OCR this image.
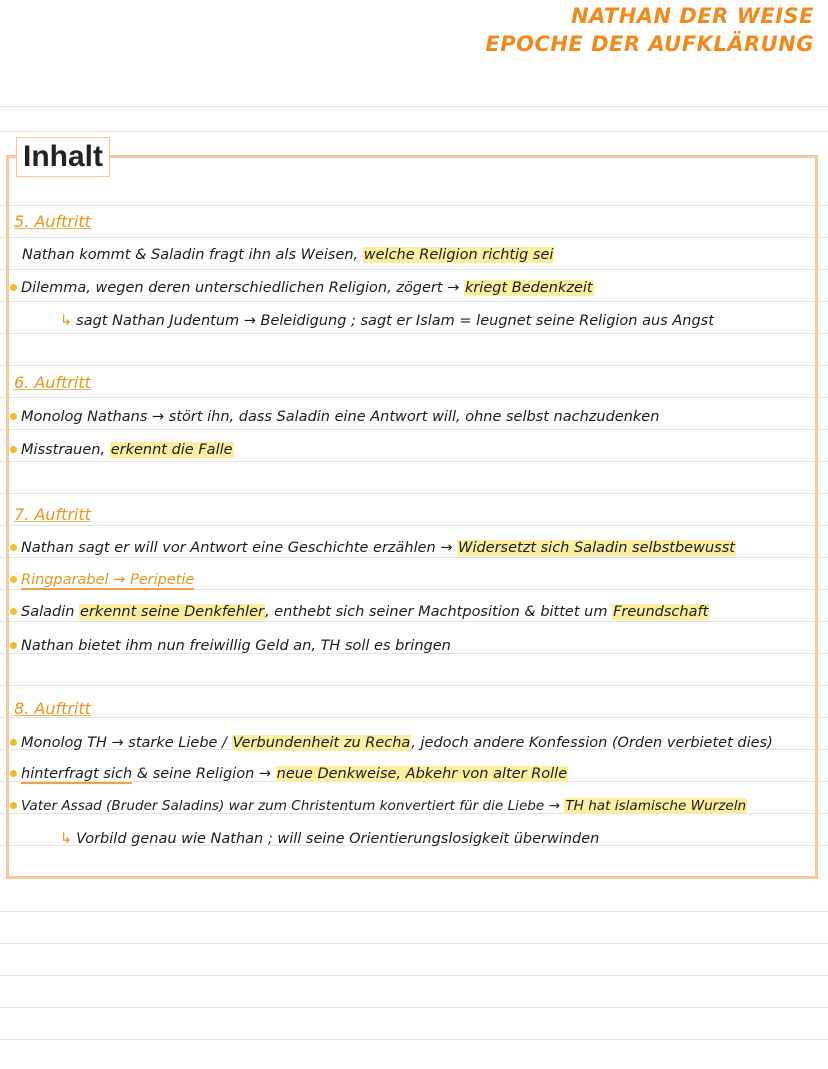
NATHAN DER WEISE
EPOCHE DER AUFKLÄRUNG
Inhalt
5. Auftritt
Nathan kommt & Saladin fragt ihn als Weisen, welche Religion richtig sei
Dilemma, wegen deren unterschiedlichen Religion, zögert → kriegt Bedenkzeit
↳ sagt Nathan Judentum → Beleidigung ; sagt er Islam = leugnet seine Religion aus Angst
6. Auftritt
Monolog Nathans → stört ihn, dass Saladin eine Antwort will, ohne selbst nachzudenken
Misstrauen, erkennt die Falle
7. Auftritt
Nathan sagt er will vor Antwort eine Geschichte erzählen → Widersetzt sich Saladin selbstbewusst
Ringparabel → Peripetie
Saladin erkennt seine Denkfehler, enthebt sich seiner Machtposition & bittet um Freundschaft
Nathan bietet ihm nun freiwillig Geld an, TH soll es bringen
8. Auftritt
Monolog TH → starke Liebe / Verbundenheit zu Recha, jedoch andere Konfession (Orden verbietet dies)
hinterfragt sich & seine Religion → neue Denkweise, Abkehr von alter Rolle
Vater Assad (Bruder Saladins) war zum Christentum konvertiert für die Liebe → TH hat islamische Wurzeln
↳ Vorbild genau wie Nathan ; will seine Orientierungslosigkeit überwinden
